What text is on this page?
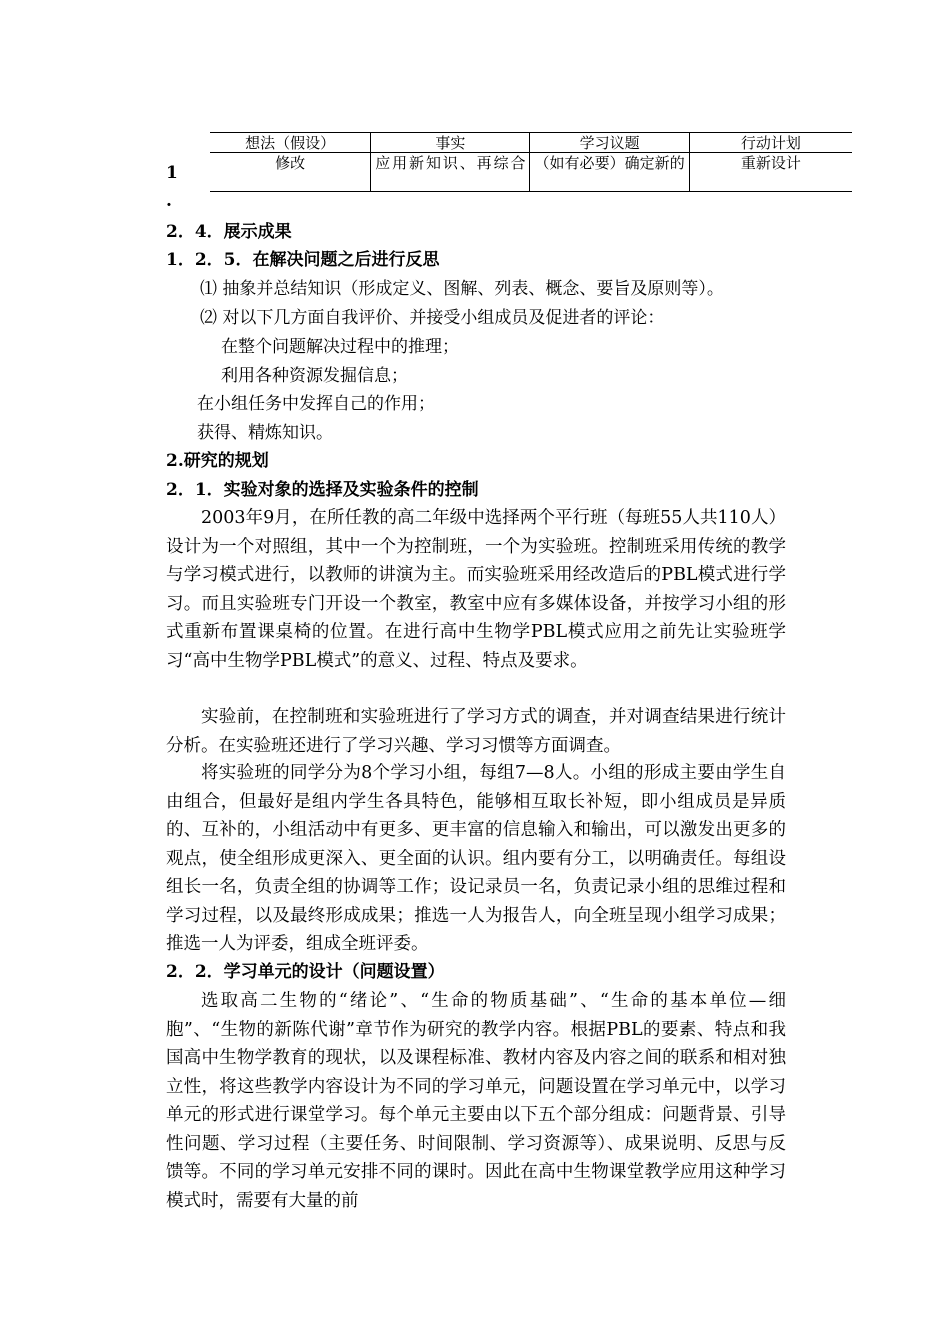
想法（假设）	事实	学习议题	行动计划
修改	应用新知识、再综合	（如有必要）确定新的	重新设计
1
.
2．4．展示成果
1．2．5．在解决问题之后进行反思
⑴ 抽象并总结知识（形成定义、图解、列表、概念、要旨及原则等）。
⑵ 对以下几方面自我评价、并接受小组成员及促进者的评论：
在整个问题解决过程中的推理；
利用各种资源发掘信息；
在小组任务中发挥自己的作用；
获得、精炼知识。
2.研究的规划
2．1．实验对象的选择及实验条件的控制
2003年9月，在所任教的高二年级中选择两个平行班（每班55人共110人）设计为一个对照组，其中一个为控制班，一个为实验班。控制班采用传统的教学与学习模式进行，以教师的讲演为主。而实验班采用经改造后的PBL模式进行学习。而且实验班专门开设一个教室，教室中应有多媒体设备，并按学习小组的形式重新布置课桌椅的位置。在进行高中生物学PBL模式应用之前先让实验班学习“高中生物学PBL模式”的意义、过程、特点及要求。
实验前，在控制班和实验班进行了学习方式的调查，并对调查结果进行统计分析。在实验班还进行了学习兴趣、学习习惯等方面调查。
将实验班的同学分为8个学习小组，每组7—8人。小组的形成主要由学生自由组合，但最好是组内学生各具特色，能够相互取长补短，即小组成员是异质的、互补的，小组活动中有更多、更丰富的信息输入和输出，可以激发出更多的观点，使全组形成更深入、更全面的认识。组内要有分工，以明确责任。每组设组长一名，负责全组的协调等工作；设记录员一名，负责记录小组的思维过程和学习过程，以及最终形成成果；推选一人为报告人，向全班呈现小组学习成果；推选一人为评委，组成全班评委。
2．2．学习单元的设计（问题设置）
选取高二生物的“绪论”、“生命的物质基础”、“生命的基本单位—细胞”、“生物的新陈代谢”章节作为研究的教学内容。根据PBL的要素、特点和我国高中生物学教育的现状，以及课程标准、教材内容及内容之间的联系和相对独立性，将这些教学内容设计为不同的学习单元，问题设置在学习单元中，以学习单元的形式进行课堂学习。每个单元主要由以下五个部分组成：问题背景、引导性问题、学习过程（主要任务、时间限制、学习资源等）、成果说明、反思与反馈等。不同的学习单元安排不同的课时。因此在高中生物课堂教学应用这种学习模式时，需要有大量的前
